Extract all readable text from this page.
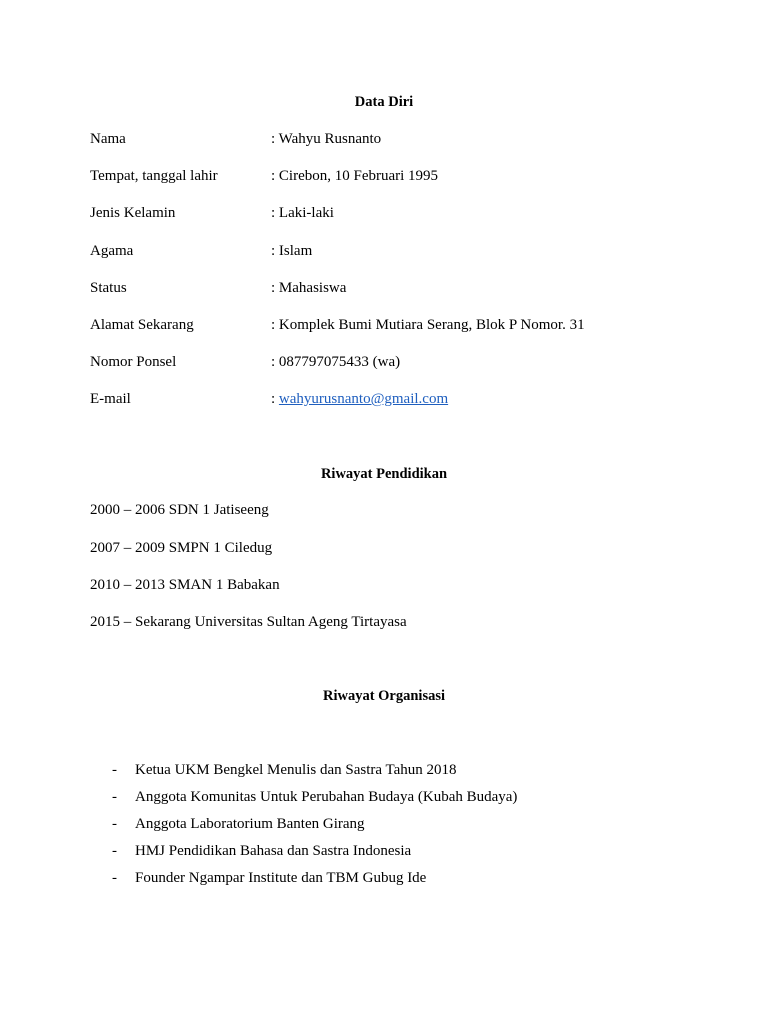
Data Diri
Nama	: Wahyu Rusnanto
Tempat, tanggal lahir	: Cirebon, 10 Februari 1995
Jenis Kelamin	: Laki-laki
Agama	: Islam
Status	: Mahasiswa
Alamat Sekarang	: Komplek Bumi Mutiara Serang, Blok P Nomor. 31
Nomor Ponsel	: 087797075433 (wa)
E-mail	: wahyurusnanto@gmail.com
Riwayat Pendidikan
2000 – 2006 SDN 1 Jatiseeng
2007 – 2009 SMPN 1 Ciledug
2010 – 2013 SMAN 1 Babakan
2015 – Sekarang Universitas Sultan Ageng Tirtayasa
Riwayat Organisasi
- Ketua UKM Bengkel Menulis dan Sastra Tahun 2018
- Anggota Komunitas Untuk Perubahan Budaya (Kubah Budaya)
- Anggota Laboratorium Banten Girang
- HMJ Pendidikan Bahasa dan Sastra Indonesia
- Founder Ngampar Institute dan TBM Gubug Ide
